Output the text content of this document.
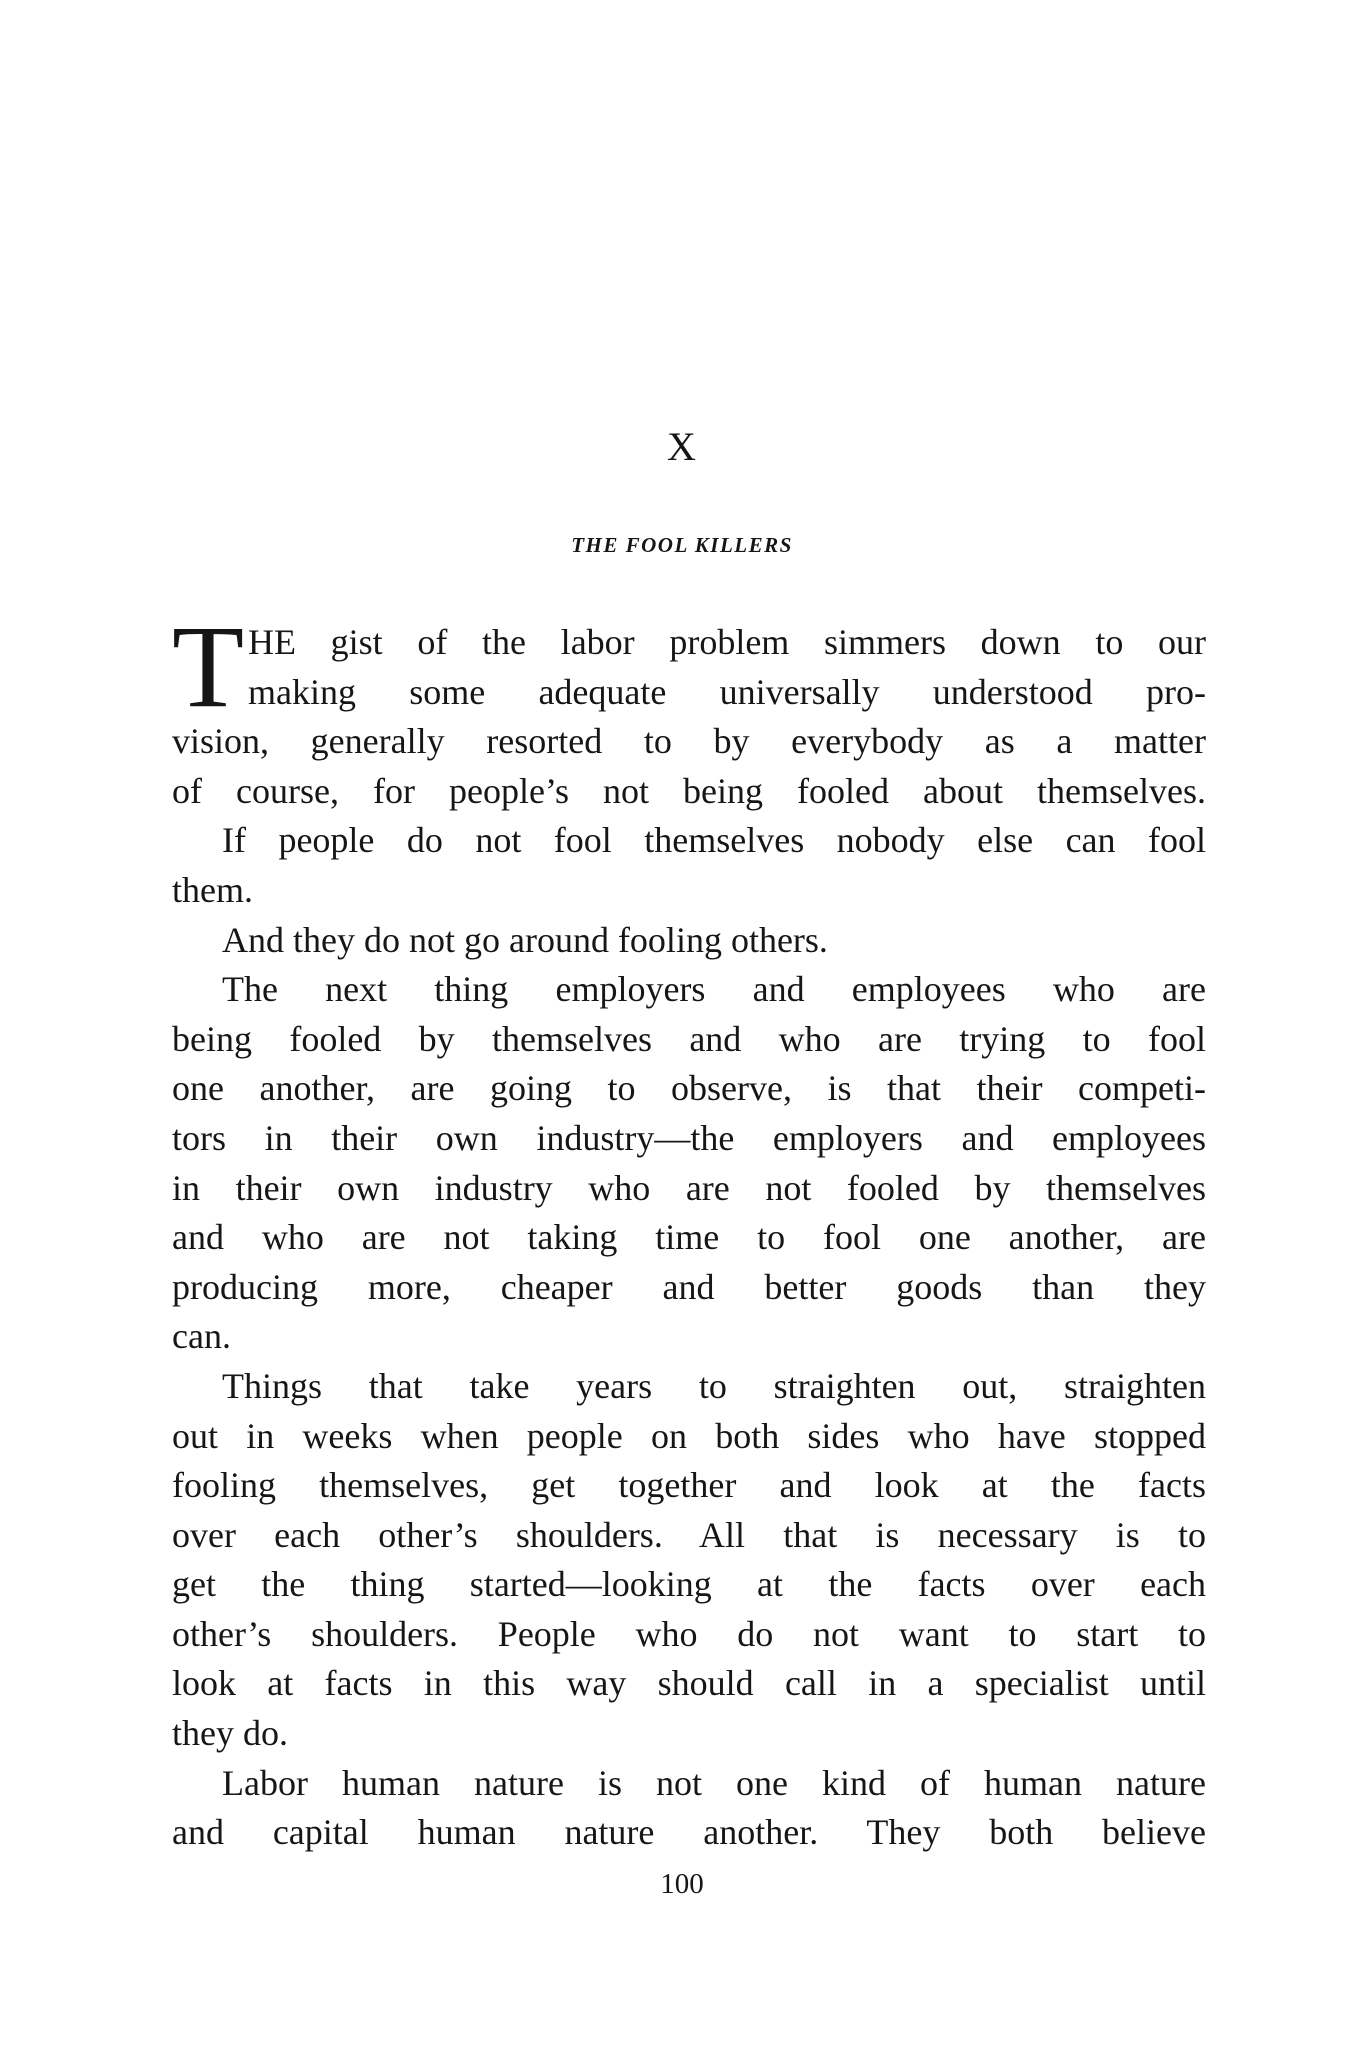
X
THE FOOL KILLERS
T HE gist of the labor problem simmers down to our
making some adequate universally understood pro-
vision, generally resorted to by everybody as a matter
of course, for people’s not being fooled about themselves.
If people do not fool themselves nobody else can fool
them.
And they do not go around fooling others.
The next thing employers and employees who are
being fooled by themselves and who are trying to fool
one another, are going to observe, is that their competi-
tors in their own industry—the employers and employees
in their own industry who are not fooled by themselves
and who are not taking time to fool one another, are
producing more, cheaper and better goods than they
can.
Things that take years to straighten out, straighten
out in weeks when people on both sides who have stopped
fooling themselves, get together and look at the facts
over each other’s shoulders. All that is necessary is to
get the thing started—looking at the facts over each
other’s shoulders. People who do not want to start to
look at facts in this way should call in a specialist until
they do.
Labor human nature is not one kind of human nature
and capital human nature another. They both believe
100
